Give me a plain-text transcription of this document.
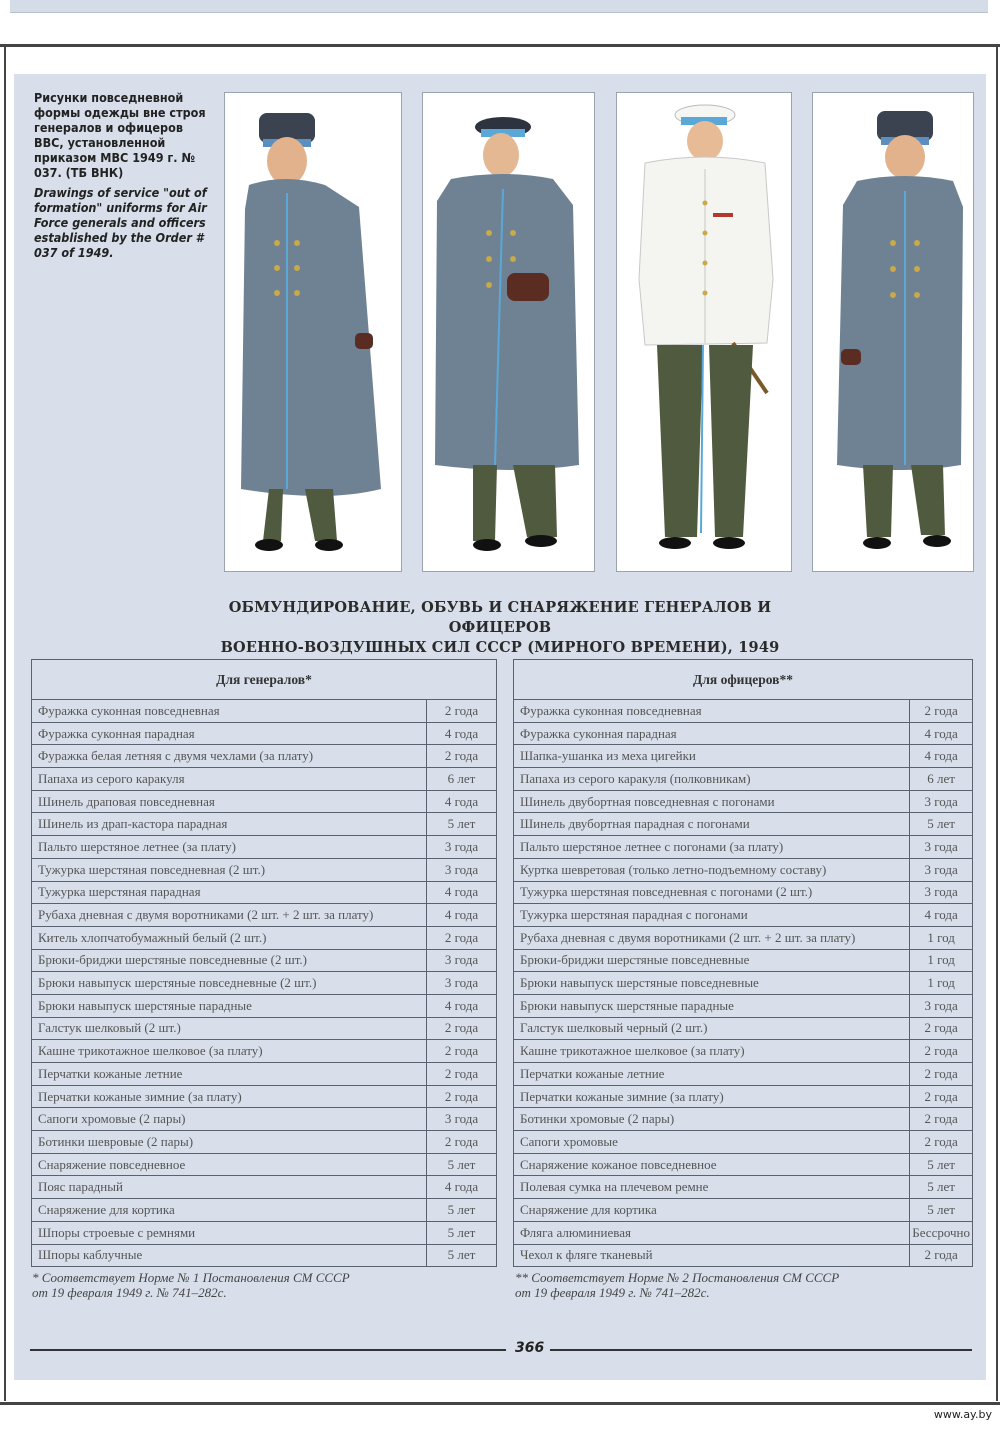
Рисунки повседневной формы одежды вне строя генералов и офицеров ВВС, установленной приказом МВС 1949 г. № 037. (ТБ ВНК)
Drawings of service "out of formation" uniforms for Air Force generals and officers established by the Order # 037 of 1949.
ОБМУНДИРОВАНИЕ, ОБУВЬ И СНАРЯЖЕНИЕ ГЕНЕРАЛОВ И ОФИЦЕРОВ
ВОЕННО-ВОЗДУШНЫХ СИЛ СССР (МИРНОГО ВРЕМЕНИ), 1949
Для генералов*	
Фуражка суконная повседневная	2 года
Фуражка суконная парадная	4 года
Фуражка белая летняя с двумя чехлами (за плату)	2 года
Папаха из серого каракуля	6 лет
Шинель драповая повседневная	4 года
Шинель из драп-кастора парадная	5 лет
Пальто шерстяное летнее (за плату)	3 года
Тужурка шерстяная повседневная (2 шт.)	3 года
Тужурка шерстяная парадная	4 года
Рубаха дневная с двумя воротниками (2 шт. + 2 шт. за плату)	4 года
Китель хлопчатобумажный белый (2 шт.)	2 года
Брюки-бриджи шерстяные повседневные (2 шт.)	3 года
Брюки навыпуск шерстяные повседневные (2 шт.)	3 года
Брюки навыпуск шерстяные парадные	4 года
Галстук шелковый (2 шт.)	2 года
Кашне трикотажное шелковое (за плату)	2 года
Перчатки кожаные летние	2 года
Перчатки кожаные зимние (за плату)	2 года
Сапоги хромовые (2 пары)	3 года
Ботинки шевровые (2 пары)	2 года
Снаряжение повседневное	5 лет
Пояс парадный	4 года
Снаряжение для кортика	5 лет
Шпоры строевые с ремнями	5 лет
Шпоры каблучные	5 лет
Для офицеров**	
Фуражка суконная повседневная	2 года
Фуражка суконная парадная	4 года
Шапка-ушанка из меха цигейки	4 года
Папаха из серого каракуля (полковникам)	6 лет
Шинель двубортная повседневная с погонами	3 года
Шинель двубортная парадная с погонами	5 лет
Пальто шерстяное летнее с погонами (за плату)	3 года
Куртка шевретовая (только летно-подъемному составу)	3 года
Тужурка шерстяная повседневная с погонами (2 шт.)	3 года
Тужурка шерстяная парадная с погонами	4 года
Рубаха дневная с двумя воротниками (2 шт. + 2 шт. за плату)	1 год
Брюки-бриджи шерстяные повседневные	1 год
Брюки навыпуск шерстяные повседневные	1 год
Брюки навыпуск шерстяные парадные	3 года
Галстук шелковый черный (2 шт.)	2 года
Кашне трикотажное шелковое (за плату)	2 года
Перчатки кожаные летние	2 года
Перчатки кожаные зимние (за плату)	2 года
Ботинки хромовые (2 пары)	2 года
Сапоги хромовые	2 года
Снаряжение кожаное повседневное	5 лет
Полевая сумка на плечевом ремне	5 лет
Снаряжение для кортика	5 лет
Фляга алюминиевая	Бессрочно
Чехол к фляге тканевый	2 года
* Соответствует Норме № 1 Постановления СМ СССР
от 19 февраля 1949 г. № 741–282с.
** Соответствует Норме № 2 Постановления СМ СССР
от 19 февраля 1949 г. № 741–282с.
366
www.ay.by
